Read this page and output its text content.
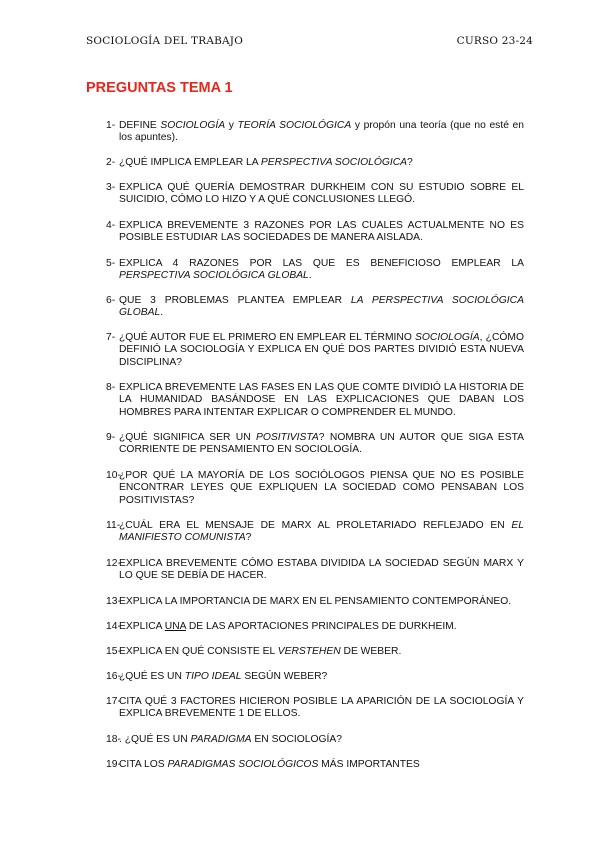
SOCIOLOGÍA DEL TRABAJO	CURSO 23-24
PREGUNTAS TEMA 1
1- DEFINE SOCIOLOGÍA y TEORÍA SOCIOLÓGICA y propón una teoría (que no esté en los apuntes).
2- ¿QUÉ IMPLICA EMPLEAR LA PERSPECTIVA SOCIOLÓGICA?
3- EXPLICA QUÉ QUERÍA DEMOSTRAR DURKHEIM CON SU ESTUDIO SOBRE EL SUICIDIO, CÓMO LO HIZO Y A QUÉ CONCLUSIONES LLEGÓ.
4- EXPLICA BREVEMENTE 3 RAZONES POR LAS CUALES ACTUALMENTE NO ES POSIBLE ESTUDIAR LAS SOCIEDADES DE MANERA AISLADA.
5- EXPLICA 4 RAZONES POR LAS QUE ES BENEFICIOSO EMPLEAR LA PERSPECTIVA SOCIOLÓGICA GLOBAL.
6- QUE 3 PROBLEMAS PLANTEA EMPLEAR LA PERSPECTIVA SOCIOLÓGICA GLOBAL.
7- ¿QUÉ AUTOR FUE EL PRIMERO EN EMPLEAR EL TÉRMINO SOCIOLOGÍA, ¿CÓMO DEFINIÓ LA SOCIOLOGÍA Y EXPLICA EN QUÉ DOS PARTES DIVIDIÓ ESTA NUEVA DISCIPLINA?
8- EXPLICA BREVEMENTE LAS FASES EN LAS QUE COMTE DIVIDIÓ LA HISTORIA DE LA HUMANIDAD BASÁNDOSE EN LAS EXPLICACIONES QUE DABAN LOS HOMBRES PARA INTENTAR EXPLICAR O COMPRENDER EL MUNDO.
9- ¿QUÉ SIGNIFICA SER UN POSITIVISTA? NOMBRA UN AUTOR QUE SIGA ESTA CORRIENTE DE PENSAMIENTO EN SOCIOLOGÍA.
10-
¿POR QUÉ LA MAYORÍA DE LOS SOCIÓLOGOS PIENSA QUE NO ES POSIBLE ENCONTRAR LEYES QUE EXPLIQUEN LA SOCIEDAD COMO PENSABAN LOS POSITIVISTAS?
11-
¿CUÁL ERA EL MENSAJE DE MARX AL PROLETARIADO REFLEJADO EN EL MANIFIESTO COMUNISTA?
12-
EXPLICA BREVEMENTE CÓMO ESTABA DIVIDIDA LA SOCIEDAD SEGÚN MARX Y LO QUE SE DEBÍA DE HACER.
13-
EXPLICA LA IMPORTANCIA DE MARX EN EL PENSAMIENTO CONTEMPORÁNEO.
14-
EXPLICA UNA DE LAS APORTACIONES PRINCIPALES DE DURKHEIM.
15-
EXPLICA EN QUÉ CONSISTE EL VERSTEHEN DE WEBER.
16-
¿QUÉ ES UN TIPO IDEAL SEGÚN WEBER?
17-
CITA QUÉ 3 FACTORES HICIERON POSIBLE LA APARICIÓN DE LA SOCIOLOGÍA Y EXPLICA BREVEMENTE 1 DE ELLOS.
18-
. ¿QUÉ ES UN PARADIGMA EN SOCIOLOGÍA?
19-
CITA LOS PARADIGMAS SOCIOLÓGICOS MÁS IMPORTANTES
